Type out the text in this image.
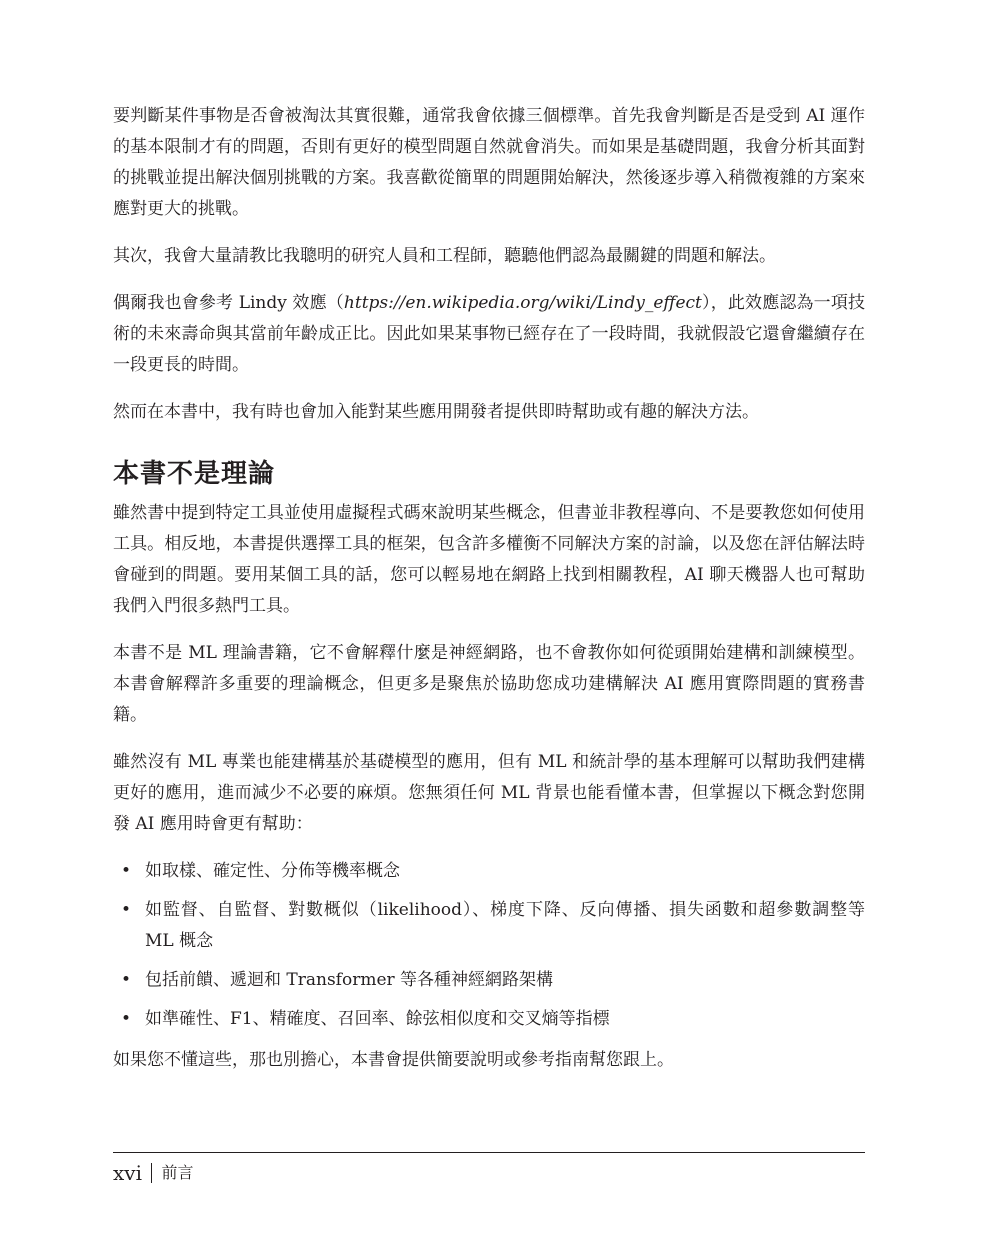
要判斷某件事物是否會被淘汰其實很難，通常我會依據三個標準。首先我會判斷是否是受到 AI 運作的基本限制才有的問題，否則有更好的模型問題自然就會消失。而如果是基礎問題，我會分析其面對的挑戰並提出解決個別挑戰的方案。我喜歡從簡單的問題開始解決，然後逐步導入稍微複雜的方案來應對更大的挑戰。

其次，我會大量請教比我聰明的研究人員和工程師，聽聽他們認為最關鍵的問題和解法。

偶爾我也會參考 Lindy 效應（https://en.wikipedia.org/wiki/Lindy_effect），此效應認為一項技術的未來壽命與其當前年齡成正比。因此如果某事物已經存在了一段時間，我就假設它還會繼續存在一段更長的時間。

然而在本書中，我有時也會加入能對某些應用開發者提供即時幫助或有趣的解決方法。

本書不是理論

雖然書中提到特定工具並使用虛擬程式碼來說明某些概念，但書並非教程導向、不是要教您如何使用工具。相反地，本書提供選擇工具的框架，包含許多權衡不同解決方案的討論，以及您在評估解法時會碰到的問題。要用某個工具的話，您可以輕易地在網路上找到相關教程，AI 聊天機器人也可幫助我們入門很多熱門工具。

本書不是 ML 理論書籍，它不會解釋什麼是神經網路，也不會教你如何從頭開始建構和訓練模型。本書會解釋許多重要的理論概念，但更多是聚焦於協助您成功建構解決 AI 應用實際問題的實務書籍。

雖然沒有 ML 專業也能建構基於基礎模型的應用，但有 ML 和統計學的基本理解可以幫助我們建構更好的應用，進而減少不必要的麻煩。您無須任何 ML 背景也能看懂本書，但掌握以下概念對您開發 AI 應用時會更有幫助：

• 如取樣、確定性、分佈等機率概念
• 如監督、自監督、對數概似（likelihood）、梯度下降、反向傳播、損失函數和超參數調整等 ML 概念
• 包括前饋、遞迴和 Transformer 等各種神經網路架構
• 如準確性、F1、精確度、召回率、餘弦相似度和交叉熵等指標

如果您不懂這些，那也別擔心，本書會提供簡要說明或參考指南幫您跟上。

xvi 前言
